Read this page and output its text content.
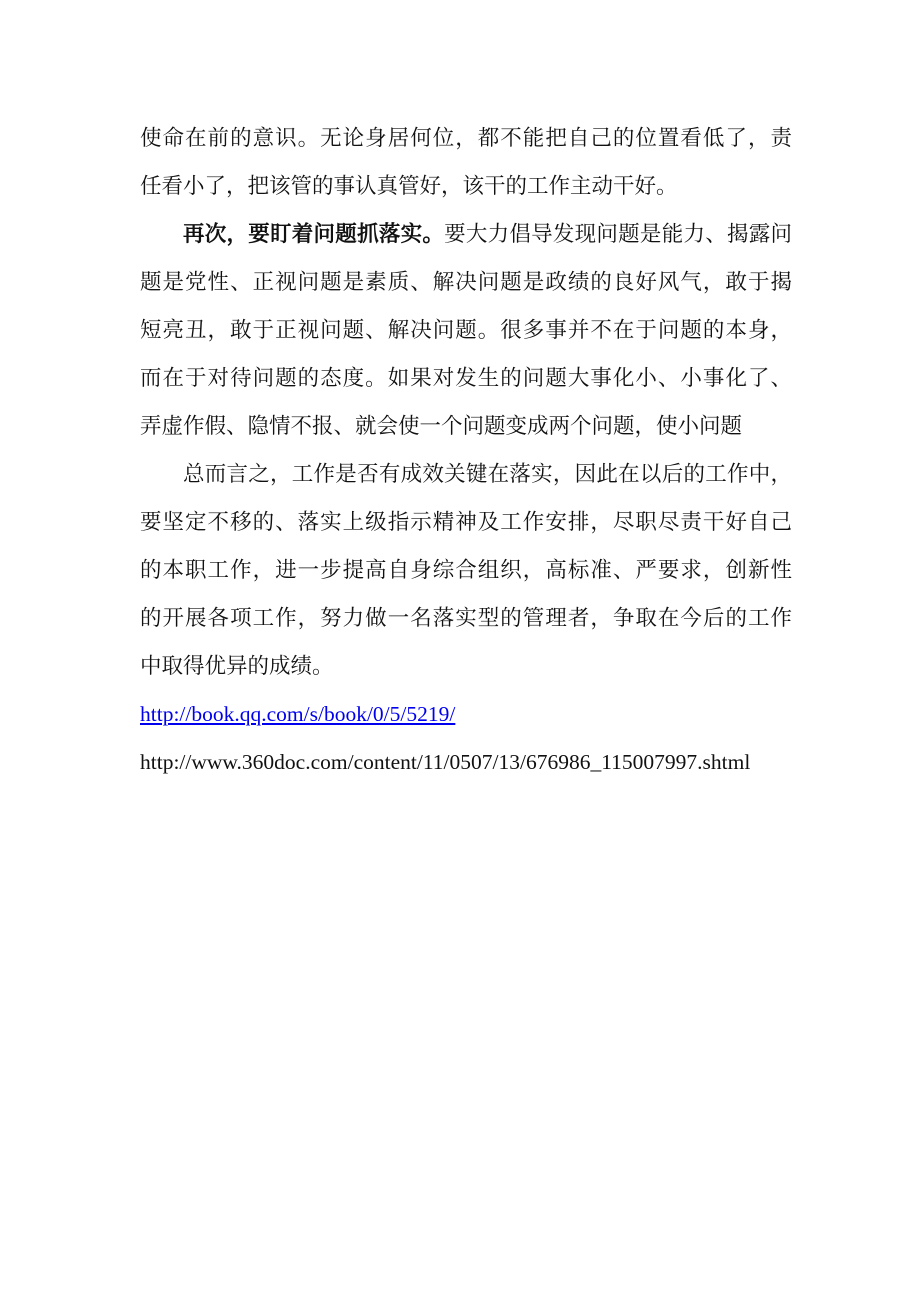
使命在前的意识。无论身居何位，都不能把自己的位置看低了，责
任看小了，把该管的事认真管好，该干的工作主动干好。
再次，要盯着问题抓落实。要大力倡导发现问题是能力、揭露问
题是党性、正视问题是素质、解决问题是政绩的良好风气，敢于揭
短亮丑，敢于正视问题、解决问题。很多事并不在于问题的本身，
而在于对待问题的态度。如果对发生的问题大事化小、小事化了、
弄虚作假、隐情不报、就会使一个问题变成两个问题，使小问题
总而言之，工作是否有成效关键在落实，因此在以后的工作中，
要坚定不移的、落实上级指示精神及工作安排，尽职尽责干好自己
的本职工作，进一步提高自身综合组织，高标准、严要求，创新性
的开展各项工作，努力做一名落实型的管理者，争取在今后的工作
中取得优异的成绩。
http://book.qq.com/s/book/0/5/5219/
http://www.360doc.com/content/11/0507/13/676986_115007997.shtml
